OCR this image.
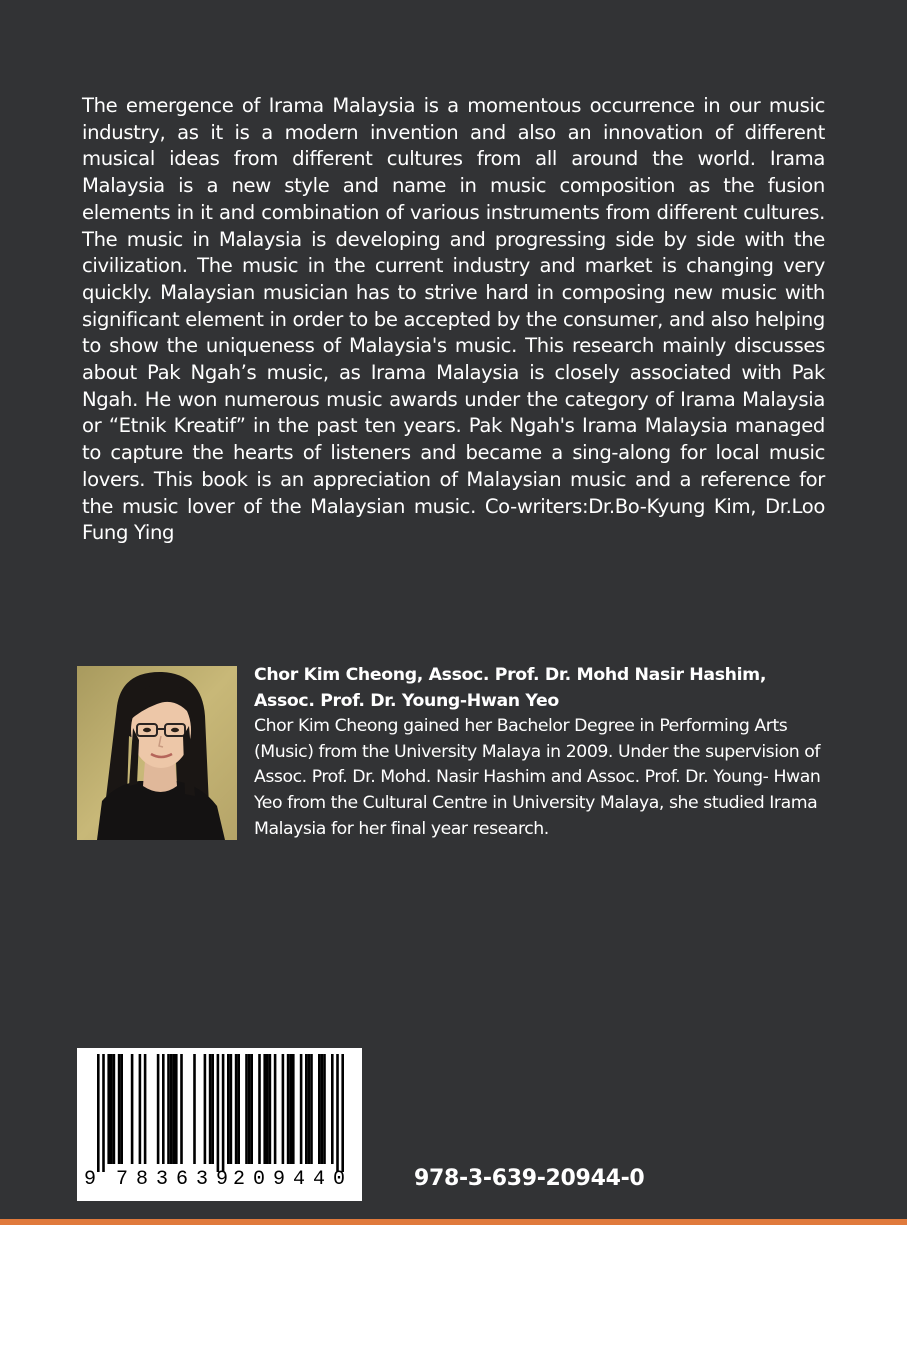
The emergence of Irama Malaysia is a momentous occurrence in our music industry, as it is a modern invention and also an innovation of different musical ideas from different cultures from all around the world. Irama Malaysia is a new style and name in music composition as the fusion elements in it and combination of various instruments from different cultures. The music in Malaysia is developing and progressing side by side with the civilization. The music in the current industry and market is changing very quickly. Malaysian musician has to strive hard in composing new music with significant element in order to be accepted by the consumer, and also helping to show the uniqueness of Malaysia's music. This research mainly discusses about Pak Ngah’s music, as Irama Malaysia is closely associated with Pak Ngah. He won numerous music awards under the category of Irama Malaysia or “Etnik Kreatif” in the past ten years. Pak Ngah's Irama Malaysia managed to capture the hearts of listeners and became a sing-along for local music lovers. This book is an appreciation of Malaysian music and a reference for the music lover of the Malaysian music. Co-writers:Dr.Bo-Kyung Kim, Dr.Loo Fung Ying

Chor Kim Cheong, Assoc. Prof. Dr. Mohd Nasir Hashim,
Assoc. Prof. Dr. Young-Hwan Yeo

Chor Kim Cheong gained her Bachelor Degree in Performing Arts (Music) from the University Malaya in 2009. Under the supervision of Assoc. Prof. Dr. Mohd. Nasir Hashim and Assoc. Prof. Dr. Young- Hwan Yeo from the Cultural Centre in University Malaya, she studied Irama Malaysia for her final year research.

9 783639
209440	978-3-639-20944-0
